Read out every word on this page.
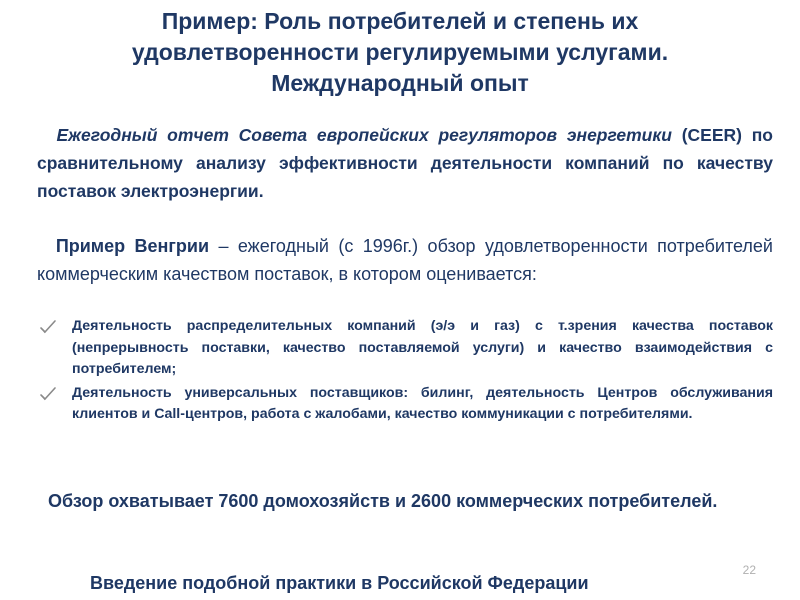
Пример: Роль потребителей и степень их
удовлетворенности регулируемыми услугами.
Международный опыт
Ежегодный отчет Совета европейских регуляторов энергетики (CEER) по сравнительному анализу эффективности деятельности компаний по качеству поставок электроэнергии.
Пример Венгрии – ежегодный (с 1996г.) обзор удовлетворенности потребителей коммерческим качеством поставок, в котором оценивается:
Деятельность распределительных компаний (э/э и газ) с т.зрения качества поставок (непрерывность поставки, качество поставляемой услуги) и качество взаимодействия с потребителем;
Деятельность универсальных поставщиков: билинг, деятельность Центров обслуживания клиентов и Call-центров, работа с жалобами, качество коммуникации с потребителями.
Обзор охватывает 7600 домохозяйств и 2600 коммерческих потребителей.
Введение подобной практики в Российской Федерации
22
